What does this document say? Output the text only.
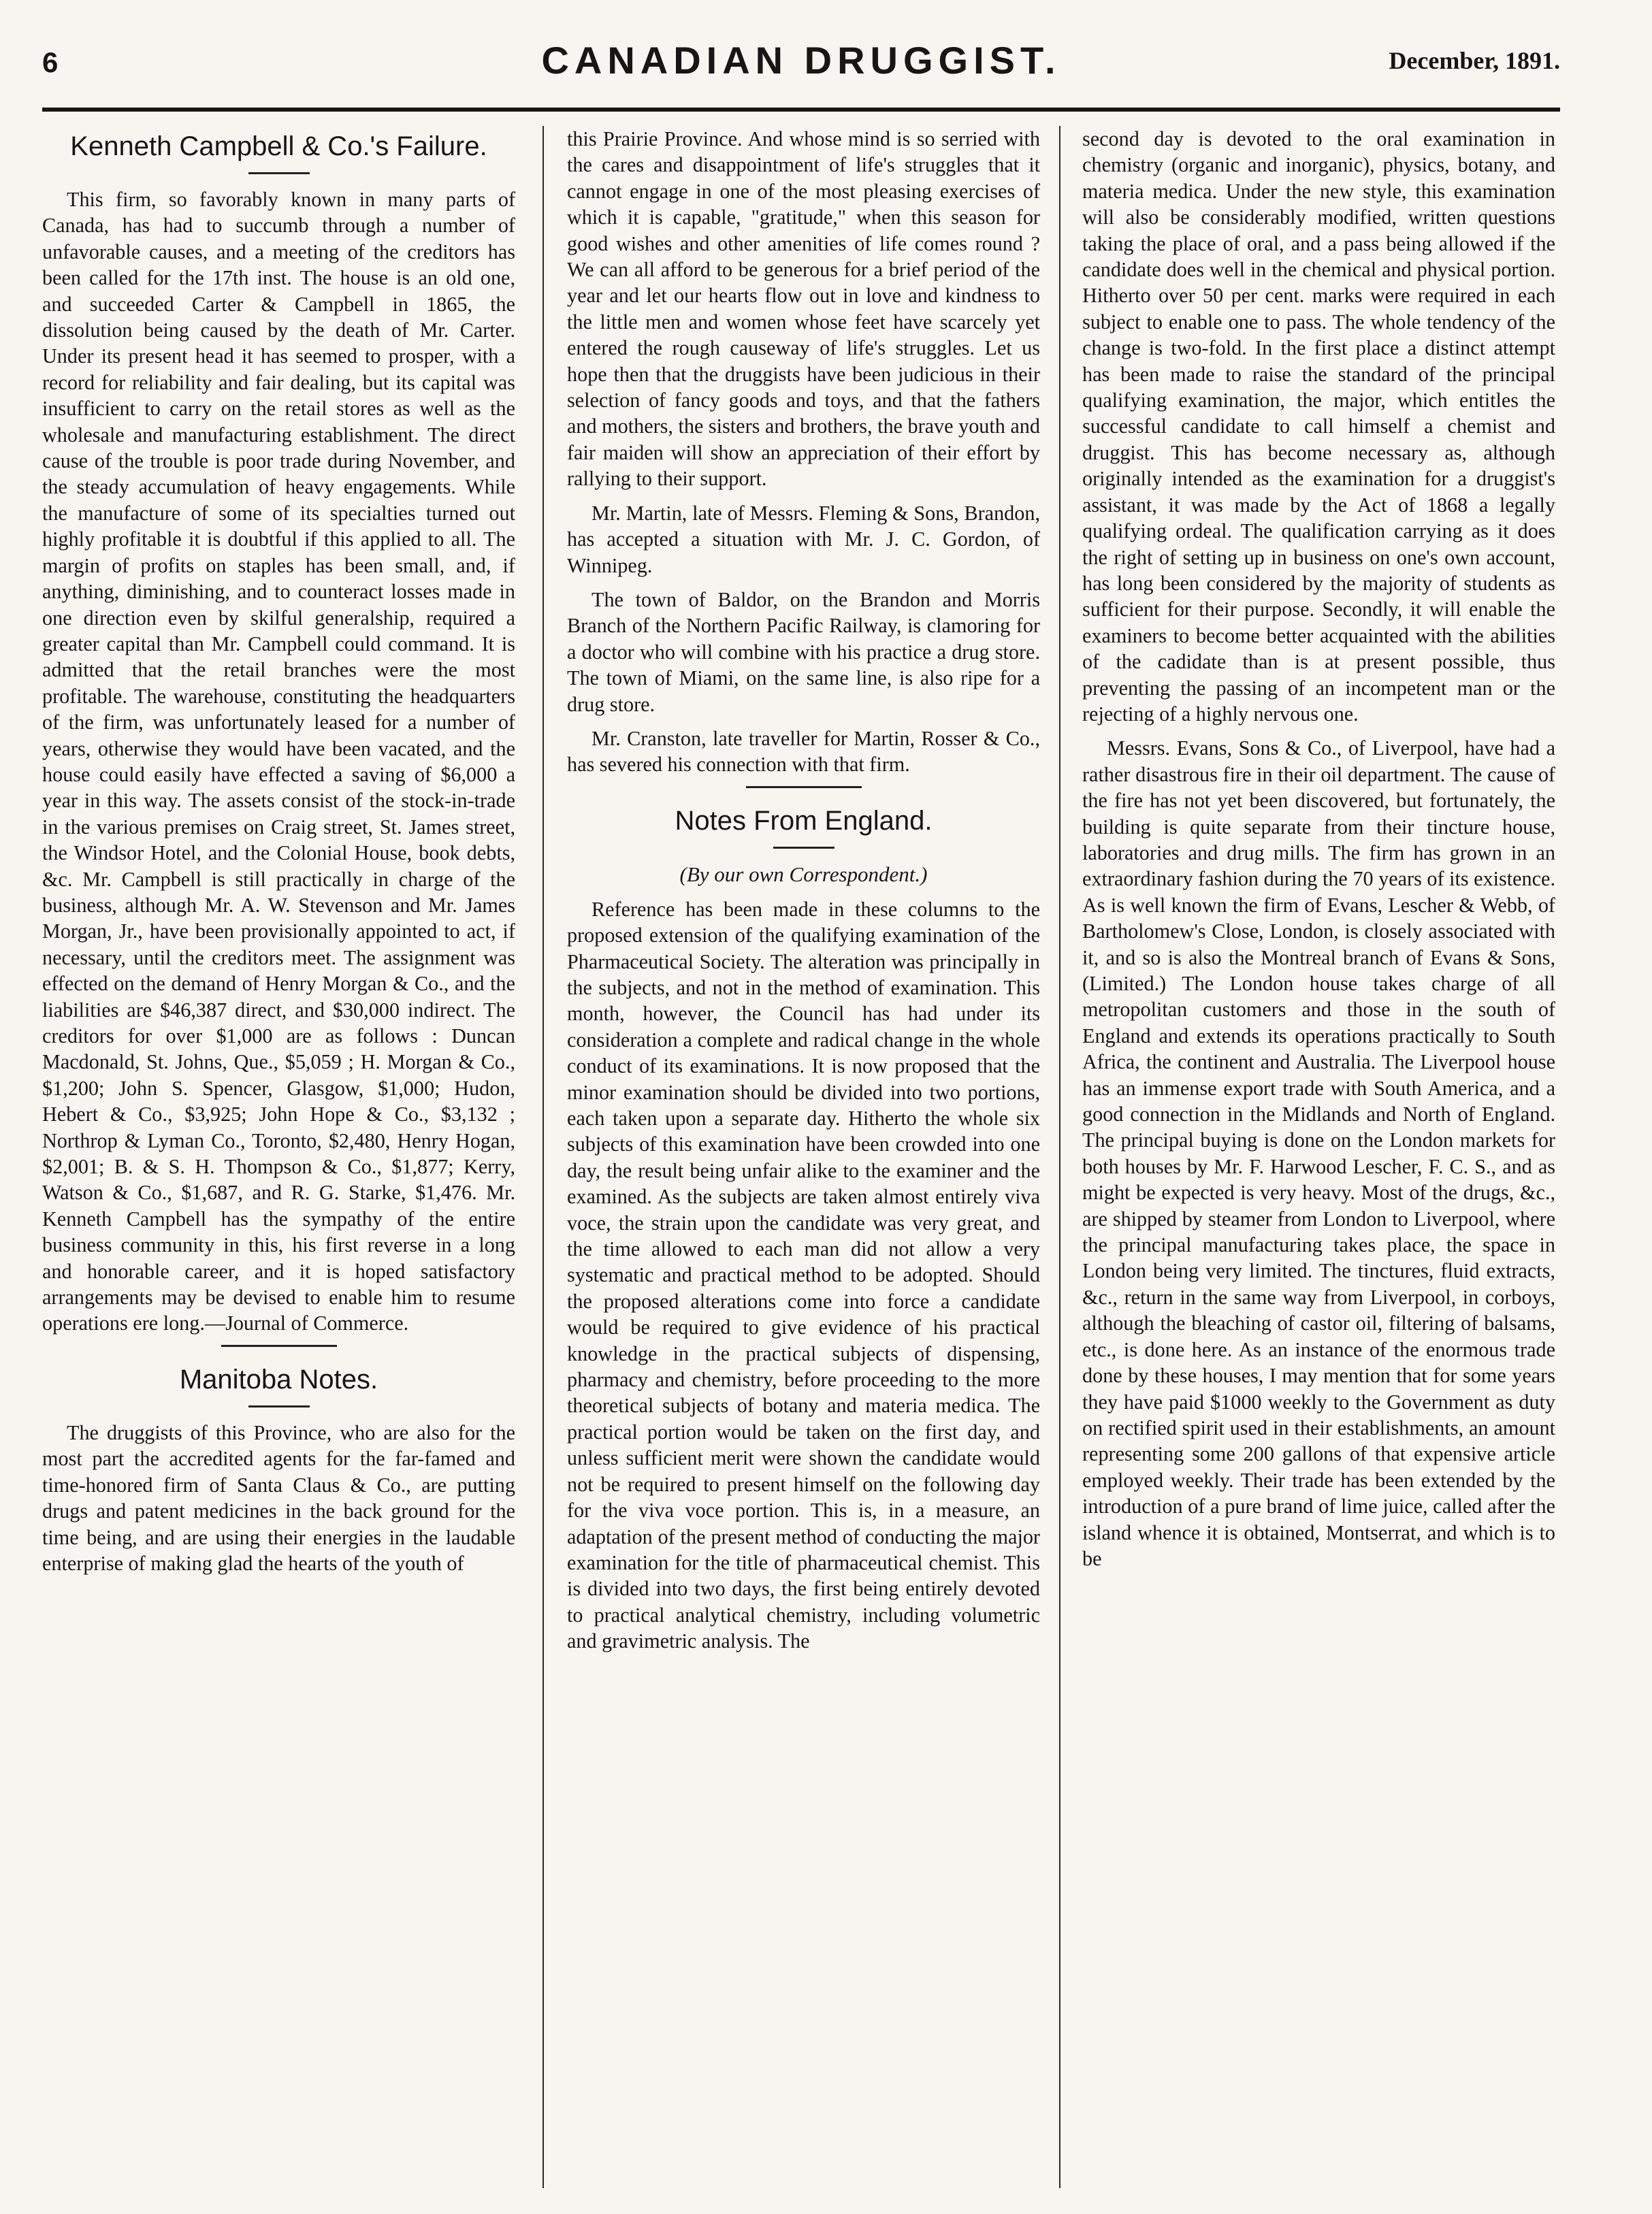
6	CANADIAN DRUGGIST.	December, 1891.
Kenneth Campbell & Co.'s Failure.

This firm, so favorably known in many parts of Canada, has had to succumb through a number of unfavorable causes, and a meeting of the creditors has been called for the 17th inst. The house is an old one, and succeeded Carter & Campbell in 1865, the dissolution being caused by the death of Mr. Carter. Under its present head it has seemed to prosper, with a record for reliability and fair dealing, but its capital was insufficient to carry on the retail stores as well as the wholesale and manufacturing establishment. The direct cause of the trouble is poor trade during November, and the steady accumulation of heavy engagements. While the manufacture of some of its specialties turned out highly profitable it is doubtful if this applied to all. The margin of profits on staples has been small, and, if anything, diminishing, and to counteract losses made in one direction even by skilful generalship, required a greater capital than Mr. Campbell could command. It is admitted that the retail branches were the most profitable. The warehouse, constituting the headquarters of the firm, was unfortunately leased for a number of years, otherwise they would have been vacated, and the house could easily have effected a saving of $6,000 a year in this way. The assets consist of the stock-in-trade in the various premises on Craig street, St. James street, the Windsor Hotel, and the Colonial House, book debts, &c. Mr. Campbell is still practically in charge of the business, although Mr. A. W. Stevenson and Mr. James Morgan, Jr., have been provisionally appointed to act, if necessary, until the creditors meet. The assignment was effected on the demand of Henry Morgan & Co., and the liabilities are $46,387 direct, and $30,000 indirect. The creditors for over $1,000 are as follows : Duncan Macdonald, St. Johns, Que., $5,059 ; H. Morgan & Co., $1,200; John S. Spencer, Glasgow, $1,000; Hudon, Hebert & Co., $3,925; John Hope & Co., $3,132 ; Northrop & Lyman Co., Toronto, $2,480, Henry Hogan, $2,001; B. & S. H. Thompson & Co., $1,877; Kerry, Watson & Co., $1,687, and R. G. Starke, $1,476. Mr. Kenneth Campbell has the sympathy of the entire business community in this, his first reverse in a long and honorable career, and it is hoped satisfactory arrangements may be devised to enable him to resume operations ere long.—Journal of Commerce.

Manitoba Notes.

The druggists of this Province, who are also for the most part the accredited agents for the far-famed and time-honored firm of Santa Claus & Co., are putting drugs and patent medicines in the back ground for the time being, and are using their energies in the laudable enterprise of making glad the hearts of the youth of

this Prairie Province. And whose mind is so serried with the cares and disappointment of life's struggles that it cannot engage in one of the most pleasing exercises of which it is capable, "gratitude," when this season for good wishes and other amenities of life comes round ? We can all afford to be generous for a brief period of the year and let our hearts flow out in love and kindness to the little men and women whose feet have scarcely yet entered the rough causeway of life's struggles. Let us hope then that the druggists have been judicious in their selection of fancy goods and toys, and that the fathers and mothers, the sisters and brothers, the brave youth and fair maiden will show an appreciation of their effort by rallying to their support.

Mr. Martin, late of Messrs. Fleming & Sons, Brandon, has accepted a situation with Mr. J. C. Gordon, of Winnipeg.

The town of Baldor, on the Brandon and Morris Branch of the Northern Pacific Railway, is clamoring for a doctor who will combine with his practice a drug store. The town of Miami, on the same line, is also ripe for a drug store.

Mr. Cranston, late traveller for Martin, Rosser & Co., has severed his connection with that firm.

Notes From England.
(By our own Correspondent.)

Reference has been made in these columns to the proposed extension of the qualifying examination of the Pharmaceutical Society. The alteration was principally in the subjects, and not in the method of examination. This month, however, the Council has had under its consideration a complete and radical change in the whole conduct of its examinations. It is now proposed that the minor examination should be divided into two portions, each taken upon a separate day. Hitherto the whole six subjects of this examination have been crowded into one day, the result being unfair alike to the examiner and the examined. As the subjects are taken almost entirely viva voce, the strain upon the candidate was very great, and the time allowed to each man did not allow a very systematic and practical method to be adopted. Should the proposed alterations come into force a candidate would be required to give evidence of his practical knowledge in the practical subjects of dispensing, pharmacy and chemistry, before proceeding to the more theoretical subjects of botany and materia medica. The practical portion would be taken on the first day, and unless sufficient merit were shown the candidate would not be required to present himself on the following day for the viva voce portion. This is, in a measure, an adaptation of the present method of conducting the major examination for the title of pharmaceutical chemist. This is divided into two days, the first being entirely devoted to practical analytical chemistry, including volumetric and gravimetric analysis. The

second day is devoted to the oral examination in chemistry (organic and inorganic), physics, botany, and materia medica. Under the new style, this examination will also be considerably modified, written questions taking the place of oral, and a pass being allowed if the candidate does well in the chemical and physical portion. Hitherto over 50 per cent. marks were required in each subject to enable one to pass. The whole tendency of the change is two-fold. In the first place a distinct attempt has been made to raise the standard of the principal qualifying examination, the major, which entitles the successful candidate to call himself a chemist and druggist. This has become necessary as, although originally intended as the examination for a druggist's assistant, it was made by the Act of 1868 a legally qualifying ordeal. The qualification carrying as it does the right of setting up in business on one's own account, has long been considered by the majority of students as sufficient for their purpose. Secondly, it will enable the examiners to become better acquainted with the abilities of the cadidate than is at present possible, thus preventing the passing of an incompetent man or the rejecting of a highly nervous one.

Messrs. Evans, Sons & Co., of Liverpool, have had a rather disastrous fire in their oil department. The cause of the fire has not yet been discovered, but fortunately, the building is quite separate from their tincture house, laboratories and drug mills. The firm has grown in an extraordinary fashion during the 70 years of its existence. As is well known the firm of Evans, Lescher & Webb, of Bartholomew's Close, London, is closely associated with it, and so is also the Montreal branch of Evans & Sons, (Limited.) The London house takes charge of all metropolitan customers and those in the south of England and extends its operations practically to South Africa, the continent and Australia. The Liverpool house has an immense export trade with South America, and a good connection in the Midlands and North of England. The principal buying is done on the London markets for both houses by Mr. F. Harwood Lescher, F. C. S., and as might be expected is very heavy. Most of the drugs, &c., are shipped by steamer from London to Liverpool, where the principal manufacturing takes place, the space in London being very limited. The tinctures, fluid extracts, &c., return in the same way from Liverpool, in corboys, although the bleaching of castor oil, filtering of balsams, etc., is done here. As an instance of the enormous trade done by these houses, I may mention that for some years they have paid $1000 weekly to the Government as duty on rectified spirit used in their establishments, an amount representing some 200 gallons of that expensive article employed weekly. Their trade has been extended by the introduction of a pure brand of lime juice, called after the island whence it is obtained, Montserrat, and which is to be
